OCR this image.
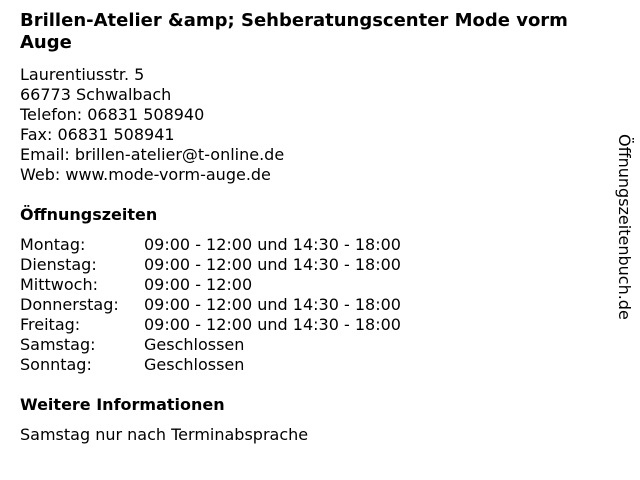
Brillen-Atelier &amp; Sehberatungscenter Mode vorm Auge
Laurentiusstr. 5
66773 Schwalbach
Telefon: 06831 508940
Fax: 06831 508941
Email: brillen-atelier@t-online.de
Web: www.mode-vorm-auge.de
Öffnungszeiten
Montag:	09:00 - 12:00 und 14:30 - 18:00
Dienstag:	09:00 - 12:00 und 14:30 - 18:00
Mittwoch:	09:00 - 12:00
Donnerstag:	09:00 - 12:00 und 14:30 - 18:00
Freitag:	09:00 - 12:00 und 14:30 - 18:00
Samstag:	Geschlossen
Sonntag:	Geschlossen
Weitere Informationen
Samstag nur nach Terminabsprache
Öffnungszeitenbuch.de
